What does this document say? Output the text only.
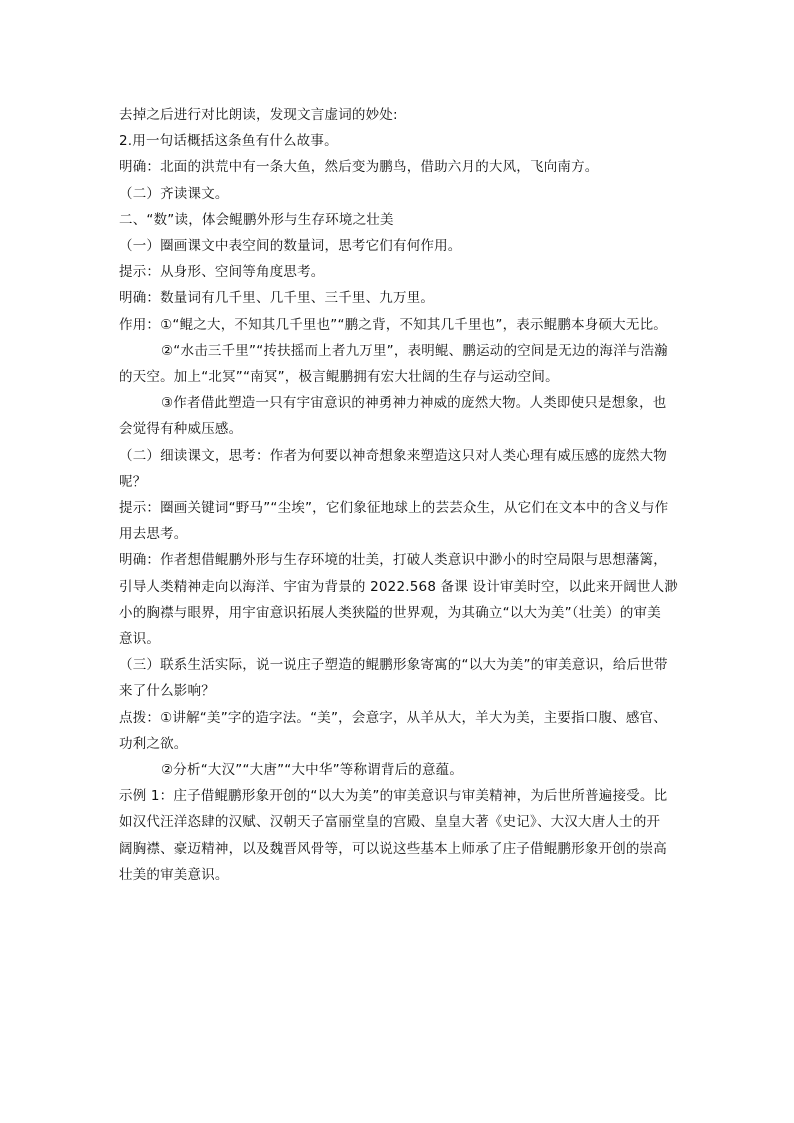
去掉之后进行对比朗读，发现文言虚词的妙处:

2.用一句话概括这条鱼有什么故事。

明确：北面的洪荒中有一条大鱼，然后变为鹏鸟，借助六月的大风，飞向南方。

（二）齐读课文。

二、“数”读，体会鲲鹏外形与生存环境之壮美

（一）圈画课文中表空间的数量词，思考它们有何作用。

提示：从身形、空间等角度思考。

明确：数量词有几千里、几千里、三千里、九万里。

作用：①“鲲之大，不知其几千里也”“鹏之背，不知其几千里也”，表示鲲鹏本身硕大无比。

②“水击三千里”“抟扶摇而上者九万里”，表明鲲、鹏运动的空间是无边的海洋与浩瀚

的天空。加上“北冥”“南冥”，极言鲲鹏拥有宏大壮阔的生存与运动空间。

③作者借此塑造一只有宇宙意识的神勇神力神威的庞然大物。人类即使只是想象，也

会觉得有种威压感。

（二）细读课文，思考：作者为何要以神奇想象来塑造这只对人类心理有威压感的庞然大物

呢？

提示：圈画关键词“野马”“尘埃”，它们象征地球上的芸芸众生，从它们在文本中的含义与作

用去思考。

明确：作者想借鲲鹏外形与生存环境的壮美，打破人类意识中渺小的时空局限与思想藩篱，

引导人类精神走向以海洋、宇宙为背景的 2022.568 备课 设计审美时空，以此来开阔世人渺

小的胸襟与眼界，用宇宙意识拓展人类狭隘的世界观，为其确立“以大为美”（壮美）的审美

意识。

（三）联系生活实际，说一说庄子塑造的鲲鹏形象寄寓的“以大为美”的审美意识，给后世带

来了什么影响？

点拨：①讲解“美”字的造字法。“美”，会意字，从羊从大，羊大为美，主要指口腹、感官、

功利之欲。

②分析“大汉”“大唐”“大中华”等称谓背后的意蕴。

示例 1：庄子借鲲鹏形象开创的“以大为美”的审美意识与审美精神，为后世所普遍接受。比

如汉代汪洋恣肆的汉赋、汉朝天子富丽堂皇的宫殿、皇皇大著《史记》、大汉大唐人士的开

阔胸襟、豪迈精神，以及魏晋风骨等，可以说这些基本上师承了庄子借鲲鹏形象开创的崇高

壮美的审美意识。
